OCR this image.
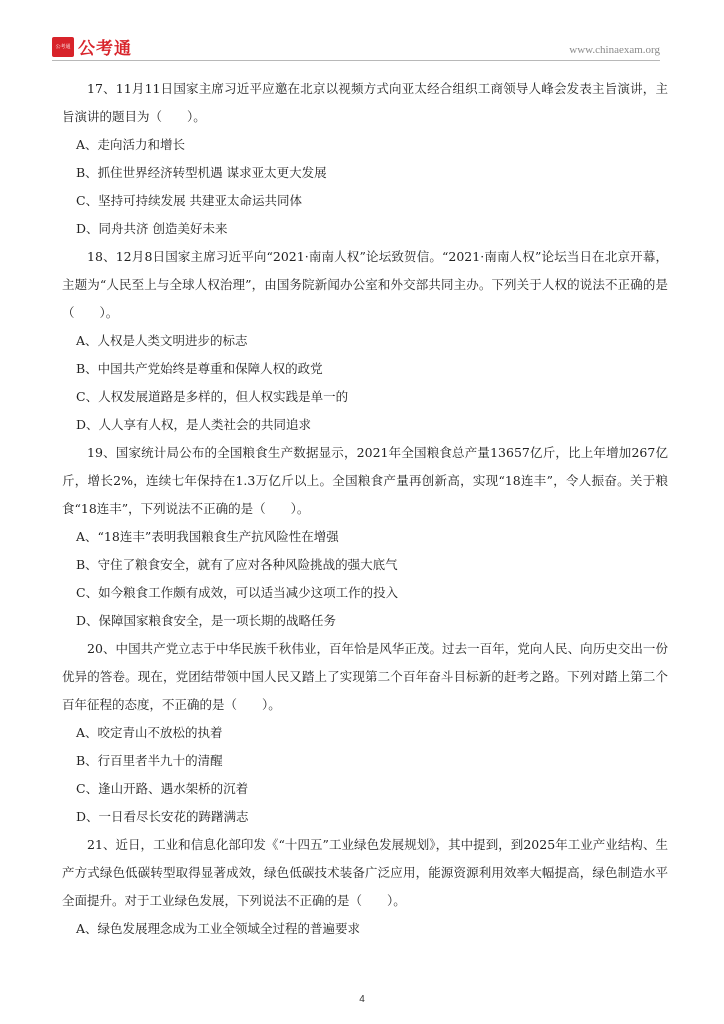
公考通 公考通	www.chinaexam.org
17、11月11日国家主席习近平应邀在北京以视频方式向亚太经合组织工商领导人峰会发表主旨演讲，主旨演讲的题目为（　　）。
A、走向活力和增长
B、抓住世界经济转型机遇 谋求亚太更大发展
C、坚持可持续发展 共建亚太命运共同体
D、同舟共济 创造美好未来
18、12月8日国家主席习近平向“2021·南南人权”论坛致贺信。“2021·南南人权”论坛当日在北京开幕，主题为“人民至上与全球人权治理”，由国务院新闻办公室和外交部共同主办。下列关于人权的说法不正确的是（　　）。
A、人权是人类文明进步的标志
B、中国共产党始终是尊重和保障人权的政党
C、人权发展道路是多样的，但人权实践是单一的
D、人人享有人权，是人类社会的共同追求
19、国家统计局公布的全国粮食生产数据显示，2021年全国粮食总产量13657亿斤，比上年增加267亿斤，增长2%，连续七年保持在1.3万亿斤以上。全国粮食产量再创新高，实现“18连丰”，令人振奋。关于粮食“18连丰”，下列说法不正确的是（　　）。
A、“18连丰”表明我国粮食生产抗风险性在增强
B、守住了粮食安全，就有了应对各种风险挑战的强大底气
C、如今粮食工作颇有成效，可以适当减少这项工作的投入
D、保障国家粮食安全，是一项长期的战略任务
20、中国共产党立志于中华民族千秋伟业，百年恰是风华正茂。过去一百年，党向人民、向历史交出一份优异的答卷。现在，党团结带领中国人民又踏上了实现第二个百年奋斗目标新的赶考之路。下列对踏上第二个百年征程的态度，不正确的是（　　）。
A、咬定青山不放松的执着
B、行百里者半九十的清醒
C、逢山开路、遇水架桥的沉着
D、一日看尽长安花的踌躇满志
21、近日，工业和信息化部印发《“十四五”工业绿色发展规划》，其中提到，到2025年工业产业结构、生产方式绿色低碳转型取得显著成效，绿色低碳技术装备广泛应用，能源资源利用效率大幅提高，绿色制造水平全面提升。对于工业绿色发展，下列说法不正确的是（　　）。
A、绿色发展理念成为工业全领域全过程的普遍要求
4
